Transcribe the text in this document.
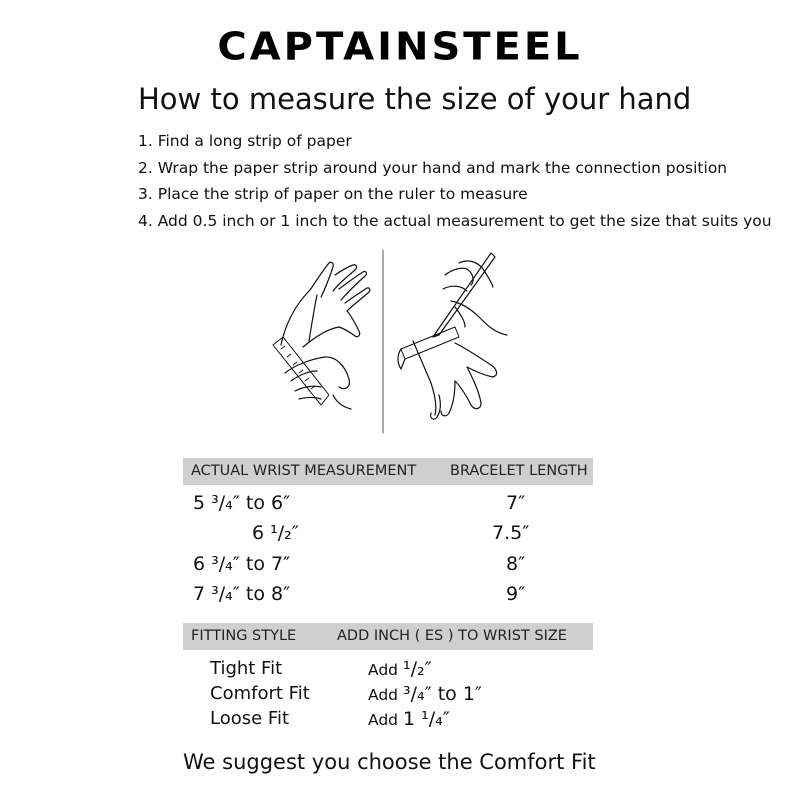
CAPTAINSTEEL
How to measure the size of your hand
1. Find a long strip of paper
2. Wrap the paper strip around your hand and mark the connection position
3. Place the strip of paper on the ruler to measure
4. Add 0.5 inch or 1 inch to the actual measurement to get the size that suits you
ACTUAL WRIST MEASUREMENT BRACELET LENGTH
5 ³/₄″ to 6″	7″
6 ¹/₂″	7.5″
6 ³/₄″ to 7″	8″
7 ³/₄″ to 8″	9″
FITTING STYLE	ADD INCH ( ES ) TO WRIST SIZE
Tight Fit	Add ¹/₂″
Comfort Fit	Add ³/₄″ to 1″
Loose Fit	Add 1 ¹/₄″
We suggest you choose the Comfort Fit
